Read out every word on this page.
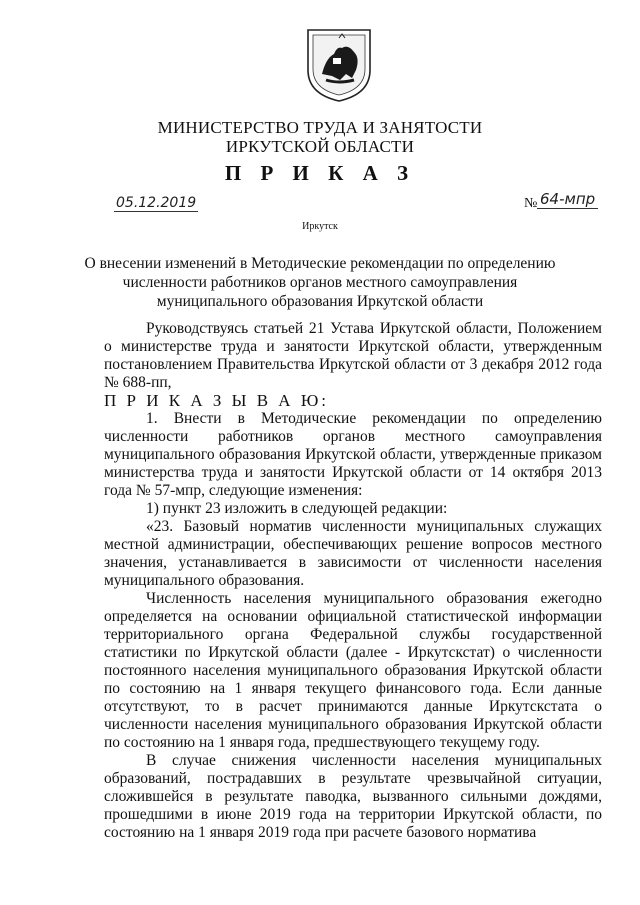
МИНИСТЕРСТВО ТРУДА И ЗАНЯТОСТИ
ИРКУТСКОЙ ОБЛАСТИ
П Р И К А З
05.12.2019	№ 64-мпр
Иркутск
О внесении изменений в Методические рекомендации по определению
численности работников органов местного самоуправления
муниципального образования Иркутской области

Руководствуясь статьей 21 Устава Иркутской области, Положением о министерстве труда и занятости Иркутской области, утвержденным постановлением Правительства Иркутской области от 3 декабря 2012 года № 688-пп,

П Р И К А З Ы В А Ю:

1. Внести в Методические рекомендации по определению численности работников органов местного самоуправления муниципального образования Иркутской области, утвержденные приказом министерства труда и занятости Иркутской области от 14 октября 2013 года № 57-мпр, следующие изменения:

1) пункт 23 изложить в следующей редакции:

«23. Базовый норматив численности муниципальных служащих местной администрации, обеспечивающих решение вопросов местного значения, устанавливается в зависимости от численности населения муниципального образования.

Численность населения муниципального образования ежегодно определяется на основании официальной статистической информации территориального органа Федеральной службы государственной статистики по Иркутской области (далее - Иркутскстат) о численности постоянного населения муниципального образования Иркутской области по состоянию на 1 января текущего финансового года. Если данные отсутствуют, то в расчет принимаются данные Иркутскстата о численности населения муниципального образования Иркутской области по состоянию на 1 января года, предшествующего текущему году.

В случае снижения численности населения муниципальных образований, пострадавших в результате чрезвычайной ситуации, сложившейся в результате паводка, вызванного сильными дождями, прошедшими в июне 2019 года на территории Иркутской области, по состоянию на 1 января 2019 года при расчете базового норматива
